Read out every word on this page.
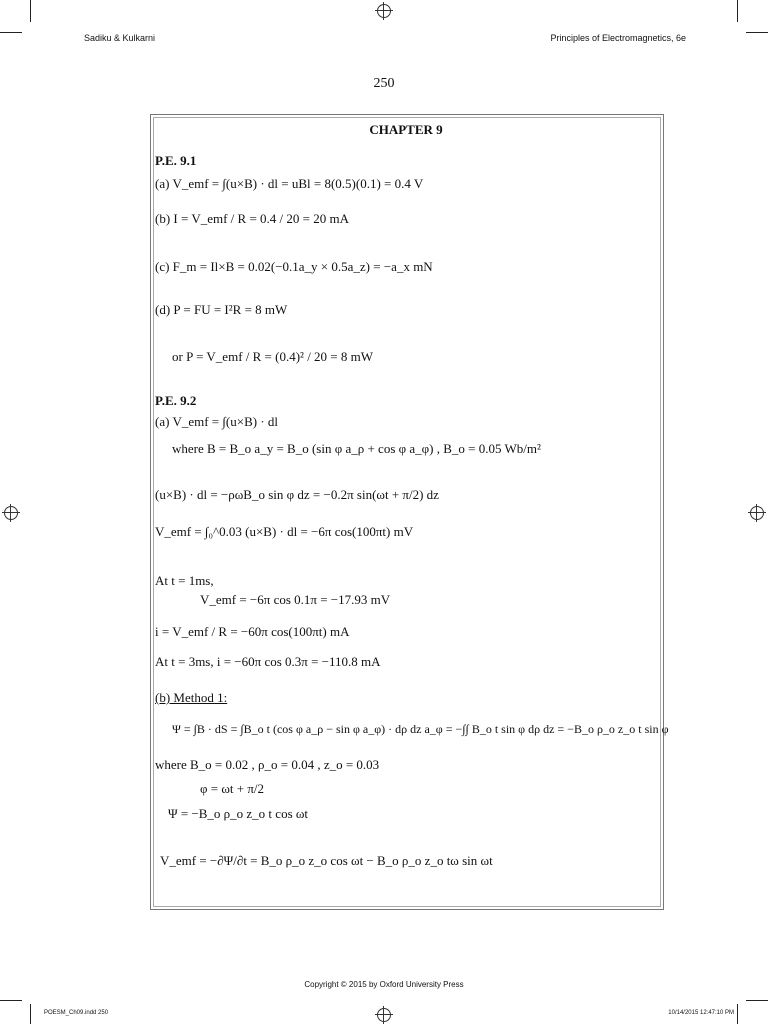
Sadiku & Kulkarni	Principles of Electromagnetics, 6e
250
CHAPTER 9
P.E. 9.1
(a) V_emf = ∫(u×B) · dl = uBl = 8(0.5)(0.1) = 0.4 V
(b) I = V_emf / R = 0.4 / 20 = 20 mA
(c) F_m = Il×B = 0.02(−0.1a_y × 0.5a_z) = −a_x mN
(d) P = FU = I²R = 8 mW
or P = V_emf / R = (0.4)² / 20 = 8 mW
P.E. 9.2
(a) V_emf = ∫(u×B) · dl
where B = B_o a_y = B_o (sin φ a_ρ + cos φ a_φ) , B_o = 0.05 Wb/m²
(u×B) · dl = −ρωB_o sin φ dz = −0.2π sin(ωt + π/2) dz
V_emf = ∫₀^0.03 (u×B) · dl = −6π cos(100πt) mV
At t = 1ms,
V_emf = −6π cos 0.1π = −17.93 mV
i = V_emf / R = −60π cos(100πt) mA
At t = 3ms, i = −60π cos 0.3π = −110.8 mA
(b) Method 1:
Ψ = ∫B · dS = ∫B_o t (cos φ a_ρ − sin φ a_φ) · dρ dz a_φ = −∫∫ B_o t sin φ dρ dz = −B_o ρ_o z_o t sin φ
where B_o = 0.02 , ρ_o = 0.04 , z_o = 0.03
φ = ωt + π/2
Ψ = −B_o ρ_o z_o t cos ωt
V_emf = −∂Ψ/∂t = B_o ρ_o z_o cos ωt − B_o ρ_o z_o tω sin ωt
Copyright © 2015 by Oxford University Press
POESM_Ch09.indd 250	10/14/2015 12:47:10 PM
